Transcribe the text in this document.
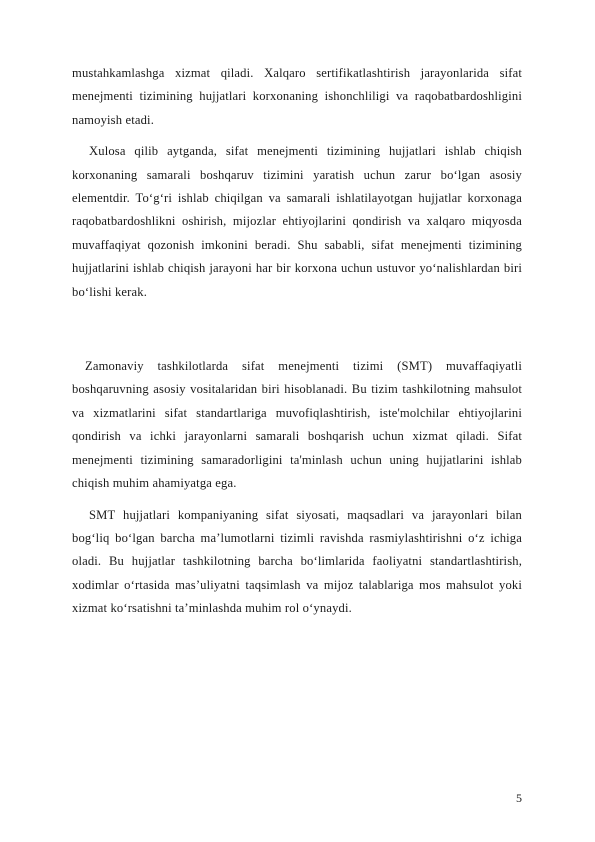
mustahkamlashga xizmat qiladi. Xalqaro sertifikatlashtirish jarayonlarida sifat menejmenti tizimining hujjatlari korxonaning ishonchliligi va raqobatbardoshligini namoyish etadi.

Xulosa qilib aytganda, sifat menejmenti tizimining hujjatlari ishlab chiqish korxonaning samarali boshqaruv tizimini yaratish uchun zarur bo‘lgan asosiy elementdir. To‘g‘ri ishlab chiqilgan va samarali ishlatilayotgan hujjatlar korxonaga raqobatbardoshlikni oshirish, mijozlar ehtiyojlarini qondirish va xalqaro miqyosda muvaffaqiyat qozonish imkonini beradi. Shu sababli, sifat menejmenti tizimining hujjatlarini ishlab chiqish jarayoni har bir korxona uchun ustuvor yo‘nalishlardan biri bo‘lishi kerak.

Zamonaviy tashkilotlarda sifat menejmenti tizimi (SMT) muvaffaqiyatli boshqaruvning asosiy vositalaridan biri hisoblanadi. Bu tizim tashkilotning mahsulot va xizmatlarini sifat standartlariga muvofiqlashtirish, iste'molchilar ehtiyojlarini qondirish va ichki jarayonlarni samarali boshqarish uchun xizmat qiladi. Sifat menejmenti tizimining samaradorligini ta'minlash uchun uning hujjatlarini ishlab chiqish muhim ahamiyatga ega.

SMT hujjatlari kompaniyaning sifat siyosati, maqsadlari va jarayonlari bilan bog‘liq bo‘lgan barcha ma’lumotlarni tizimli ravishda rasmiylashtirishni o‘z ichiga oladi. Bu hujjatlar tashkilotning barcha bo‘limlarida faoliyatni standartlashtirish, xodimlar o‘rtasida mas’uliyatni taqsimlash va mijoz talablariga mos mahsulot yoki xizmat ko‘rsatishni ta’minlashda muhim rol o‘ynaydi.

5
